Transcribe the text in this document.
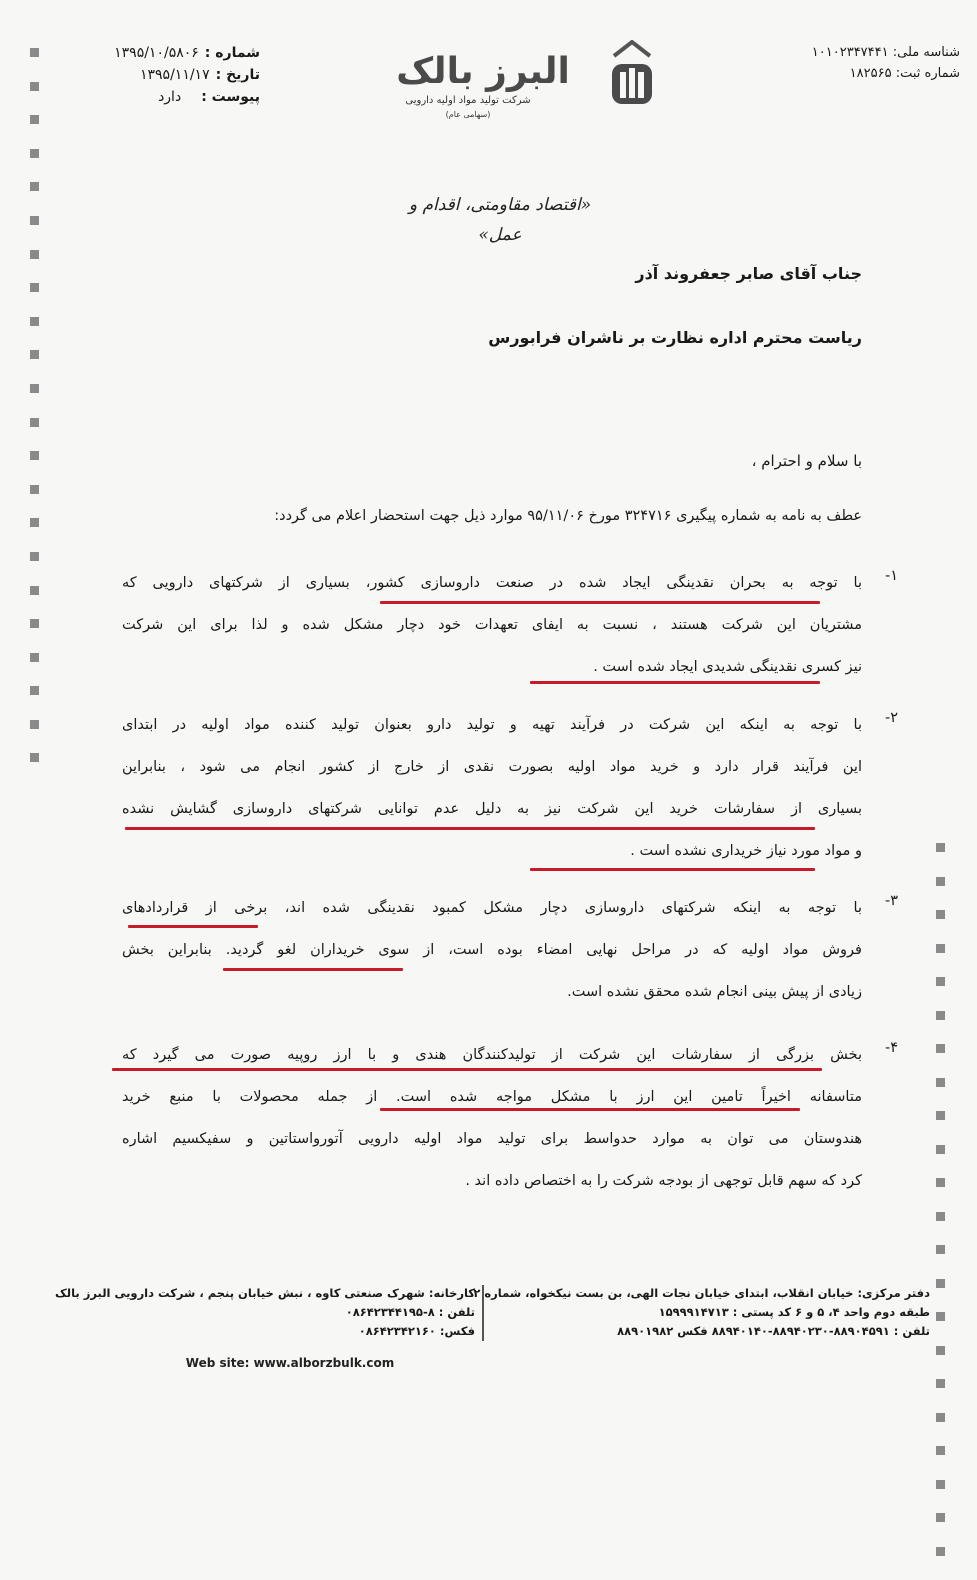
شماره :
۱۳۹۵/۱۰/۵۸۰۶
تاریخ :
۱۳۹۵/۱۱/۱۷
پیوست :
دارد
شناسه ملی: ۱۰۱۰۲۳۴۷۴۴۱
شماره ثبت: ۱۸۲۵۶۵
البرز بالک
شرکت تولید مواد اولیه دارویی
(سهامی عام)
«اقتصاد مقاومتی، اقدام و عمل»
جناب آقای صابر جعفروند آذر
ریاست محترم اداره نظارت بر ناشران فرابورس
با سلام و احترام ،
عطف به نامه به شماره پیگیری ۳۲۴۷۱۶ مورخ ۹۵/۱۱/۰۶ موارد ذیل جهت استحضار اعلام می گردد:
-۱
با توجه به بحران نقدینگی ایجاد شده در صنعت داروسازی کشور، بسیاری از شرکتهای دارویی که
مشتریان این شرکت هستند ، نسبت به ایفای تعهدات خود دچار مشکل شده و لذا برای این شرکت
نیز کسری نقدینگی شدیدی ایجاد شده است .
-۲
با توجه به اینکه این شرکت در فرآیند تهیه و تولید دارو بعنوان تولید کننده مواد اولیه در ابتدای
این فرآیند قرار دارد و خرید مواد اولیه بصورت نقدی از خارج از کشور انجام می شود ، بنابراین
بسیاری از سفارشات خرید این شرکت نیز به دلیل عدم توانایی شرکتهای داروسازی گشایش نشده
و مواد مورد نیاز خریداری نشده است .
-۳
با توجه به اینکه شرکتهای داروسازی دچار مشکل کمبود نقدینگی شده اند، برخی از قراردادهای
فروش مواد اولیه که در مراحل نهایی امضاء بوده است، از سوی خریداران لغو گردید. بنابراین بخش
زیادی از پیش بینی انجام شده محقق نشده است.
-۴
بخش بزرگی از سفارشات این شرکت از تولیدکنندگان هندی و با ارز روپیه صورت می گیرد که
متاسفانه اخیراً تامین این ارز با مشکل مواجه شده است. از جمله محصولات با منبع خرید
هندوستان می توان به موارد حدواسط برای تولید مواد اولیه دارویی آتورواستاتین و سفیکسیم اشاره
کرد که سهم قابل توجهی از بودجه شرکت را به اختصاص داده اند .
دفتر مرکزی: خیابان انقلاب، ابتدای خیابان نجات الهی، بن بست نیکخواه، شماره ۲
طبقه دوم واحد ۴، ۵ و ۶ کد پستی : ۱۵۹۹۹۱۴۷۱۳
تلفن : ۸۸۹۰۴۵۹۱-۸۸۹۴۰۲۳۰-۸۸۹۴۰۱۴۰ فکس ۸۸۹۰۱۹۸۲
کارخانه: شهرک صنعتی کاوه ، نبش خیابان پنجم ، شرکت دارویی البرز بالک
تلفن : ۸-۰۸۶۴۲۳۴۴۱۹۵
فکس: ۰۸۶۴۲۳۴۲۱۶۰
Web site: www.alborzbulk.com
